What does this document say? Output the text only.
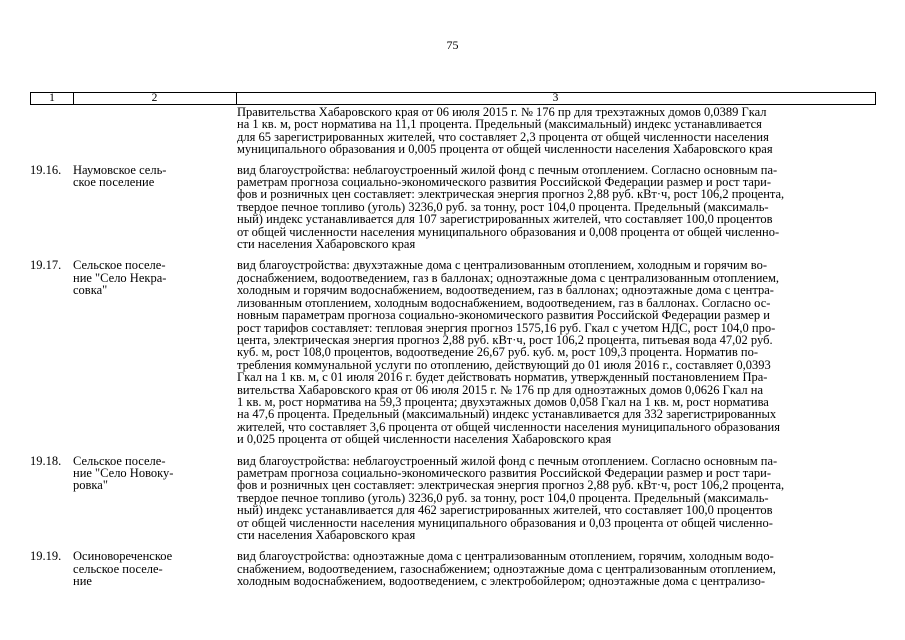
75
1	2	3
Правительства Хабаровского края от 06 июля 2015 г. № 176 пр для трехэтажных домов 0,0389 Гкал
на 1 кв. м, рост норматива на 11,1 процента. Предельный (максимальный) индекс устанавливается
для 65 зарегистрированных жителей, что составляет 2,3 процента от общей численности населения
муниципального образования и 0,005 процента от общей численности населения Хабаровского края
19.16. Наумовское сель-
ское поселение
вид благоустройства: неблагоустроенный жилой фонд с печным отоплением. Согласно основным па-
раметрам прогноза социально-экономического развития Российской Федерации размер и рост тари-
фов и розничных цен составляет: электрическая энергия прогноз 2,88 руб. кВт·ч, рост 106,2 процента,
твердое печное топливо (уголь) 3236,0 руб. за тонну, рост 104,0 процента. Предельный (максималь-
ный) индекс устанавливается для 107 зарегистрированных жителей, что составляет 100,0 процентов
от общей численности населения муниципального образования и 0,008 процента от общей численно-
сти населения Хабаровского края
19.17. Сельское поселе-
ние "Село Некра-
совка"
вид благоустройства: двухэтажные дома с централизованным отоплением, холодным и горячим во-
доснабжением, водоотведением, газ в баллонах; одноэтажные дома с централизованным отоплением,
холодным и горячим водоснабжением, водоотведением, газ в баллонах; одноэтажные дома с центра-
лизованным отоплением, холодным водоснабжением, водоотведением, газ в баллонах. Согласно ос-
новным параметрам прогноза социально-экономического развития Российской Федерации размер и
рост тарифов составляет: тепловая энергия прогноз 1575,16 руб. Гкал с учетом НДС, рост 104,0 про-
цента, электрическая энергия прогноз 2,88 руб. кВт·ч, рост 106,2 процента, питьевая вода 47,02 руб.
куб. м, рост 108,0 процентов, водоотведение 26,67 руб. куб. м, рост 109,3 процента. Норматив по-
требления коммунальной услуги по отоплению, действующий до 01 июля 2016 г., составляет 0,0393
Гкал на 1 кв. м, с 01 июля 2016 г. будет действовать норматив, утвержденный постановлением Пра-
вительства Хабаровского края от 06 июля 2015 г. № 176 пр для одноэтажных домов 0,0626 Гкал на
1 кв. м, рост норматива на 59,3 процента; двухэтажных домов 0,058 Гкал на 1 кв. м, рост норматива
на 47,6 процента. Предельный (максимальный) индекс устанавливается для 332 зарегистрированных
жителей, что составляет 3,6 процента от общей численности населения муниципального образования
и 0,025 процента от общей численности населения Хабаровского края
19.18. Сельское поселе-
ние "Село Новоку-
ровка"
вид благоустройства: неблагоустроенный жилой фонд с печным отоплением. Согласно основным па-
раметрам прогноза социально-экономического развития Российской Федерации размер и рост тари-
фов и розничных цен составляет: электрическая энергия прогноз 2,88 руб. кВт·ч, рост 106,2 процента,
твердое печное топливо (уголь) 3236,0 руб. за тонну, рост 104,0 процента. Предельный (максималь-
ный) индекс устанавливается для 462 зарегистрированных жителей, что составляет 100,0 процентов
от общей численности населения муниципального образования и 0,03 процента от общей численно-
сти населения Хабаровского края
19.19. Осиновореченское
сельское поселе-
ние
вид благоустройства: одноэтажные дома с централизованным отоплением, горячим, холодным водо-
снабжением, водоотведением, газоснабжением; одноэтажные дома с централизованным отоплением,
холодным водоснабжением, водоотведением, с электробойлером; одноэтажные дома с централизо-
